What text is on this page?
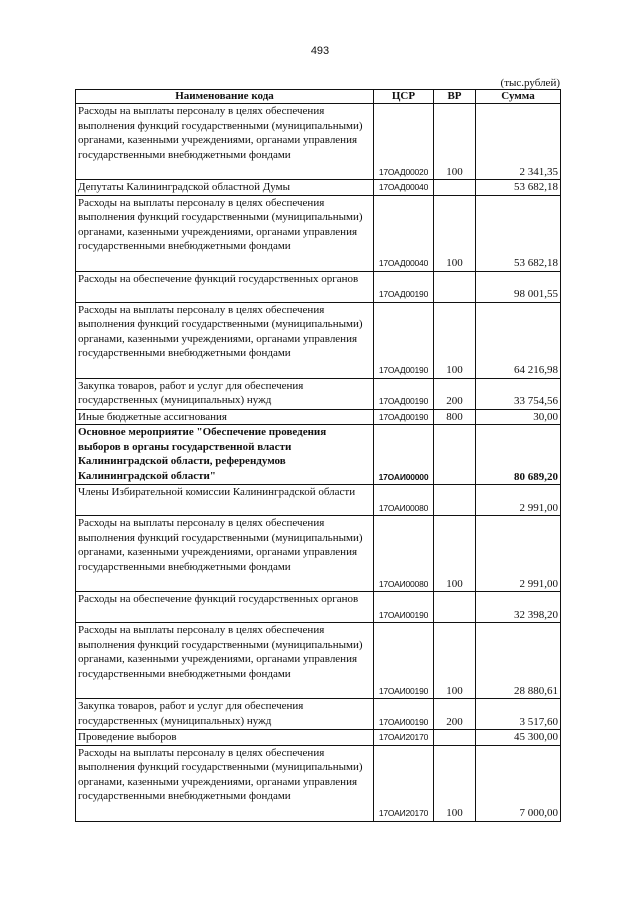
493
(тыс.рублей)
Наименование кода	ЦСР	ВР	Сумма
Расходы на выплаты персоналу в целях обеспечения выполнения функций государственными (муниципальными) органами, казенными учреждениями, органами управления государственными внебюджетными фондами	17ОАД00020	100	2 341,35
Депутаты Калининградской областной Думы	17ОАД00040		53 682,18
Расходы на выплаты персоналу в целях обеспечения выполнения функций государственными (муниципальными) органами, казенными учреждениями, органами управления государственными внебюджетными фондами	17ОАД00040	100	53 682,18
Расходы на обеспечение функций государственных органов	17ОАД00190		98 001,55
Расходы на выплаты персоналу в целях обеспечения выполнения функций государственными (муниципальными) органами, казенными учреждениями, органами управления государственными внебюджетными фондами	17ОАД00190	100	64 216,98
Закупка товаров, работ и услуг для обеспечения государственных (муниципальных) нужд	17ОАД00190	200	33 754,56
Иные бюджетные ассигнования	17ОАД00190	800	30,00
Основное мероприятие "Обеспечение проведения выборов в органы государственной власти Калининградской области, референдумов Калининградской области"	17ОАИ00000		80 689,20
Члены Избирательной комиссии Калининградской области	17ОАИ00080		2 991,00
Расходы на выплаты персоналу в целях обеспечения выполнения функций государственными (муниципальными) органами, казенными учреждениями, органами управления государственными внебюджетными фондами	17ОАИ00080	100	2 991,00
Расходы на обеспечение функций государственных органов	17ОАИ00190		32 398,20
Расходы на выплаты персоналу в целях обеспечения выполнения функций государственными (муниципальными) органами, казенными учреждениями, органами управления государственными внебюджетными фондами	17ОАИ00190	100	28 880,61
Закупка товаров, работ и услуг для обеспечения государственных (муниципальных) нужд	17ОАИ00190	200	3 517,60
Проведение выборов	17ОАИ20170		45 300,00
Расходы на выплаты персоналу в целях обеспечения выполнения функций государственными (муниципальными) органами, казенными учреждениями, органами управления государственными внебюджетными фондами	17ОАИ20170	100	7 000,00
